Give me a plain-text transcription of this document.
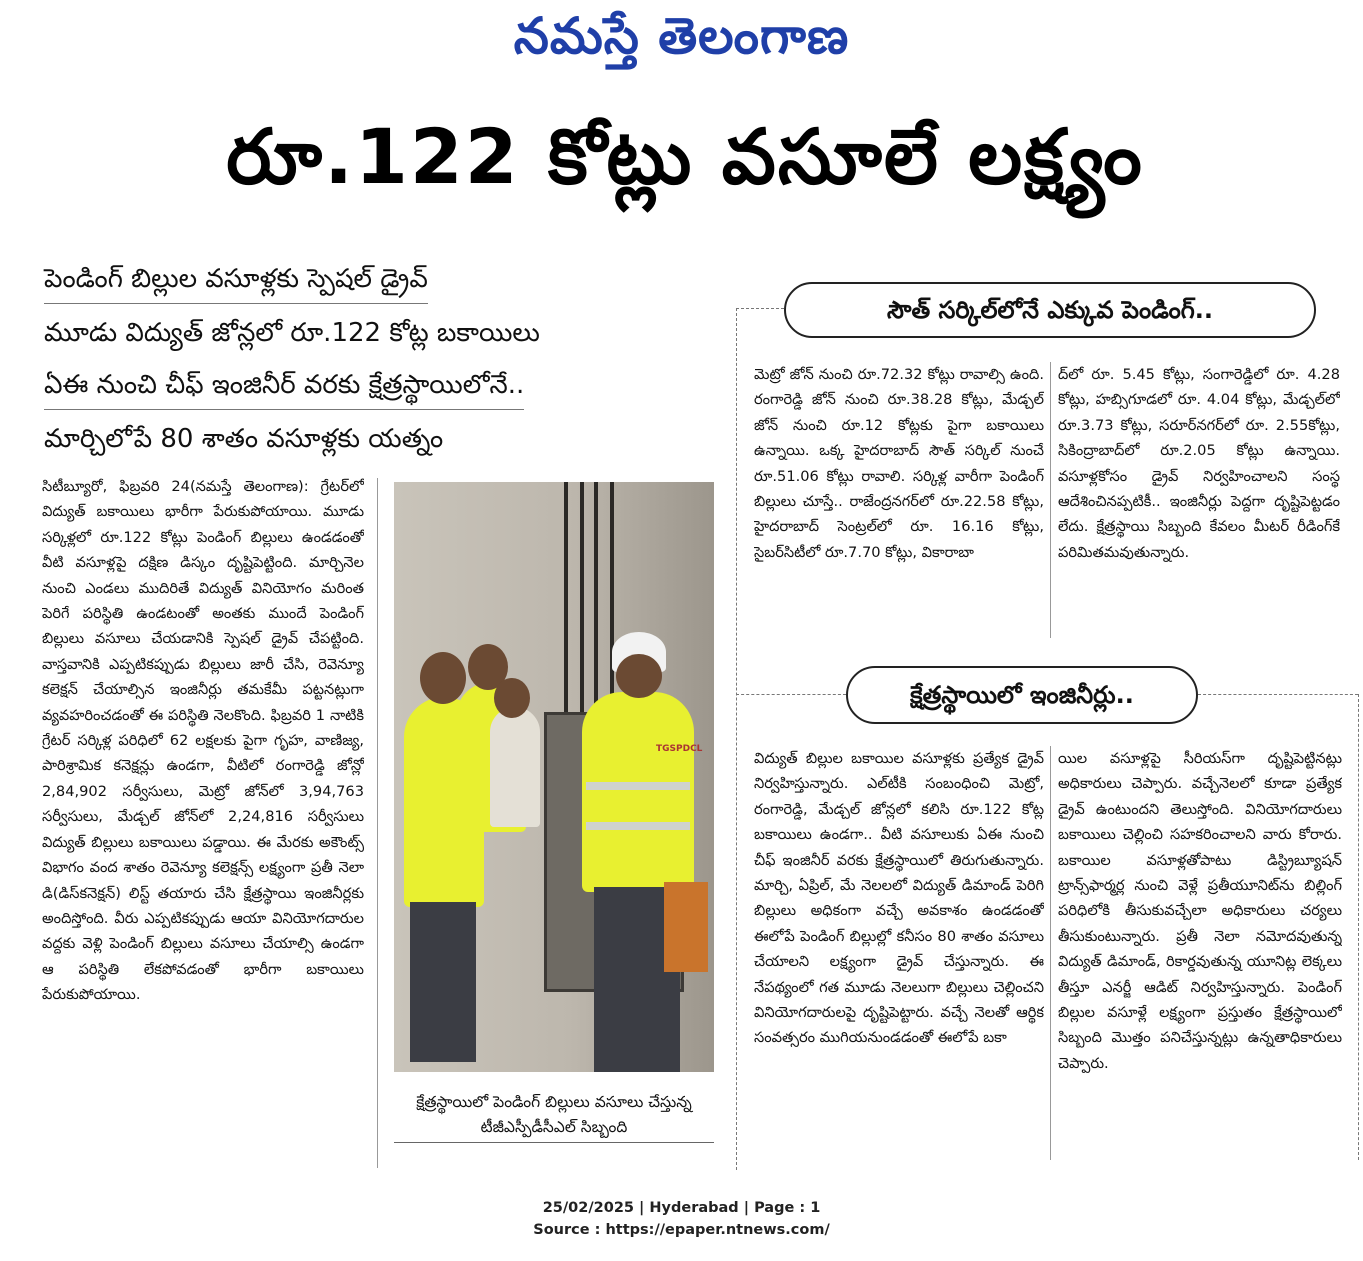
నమస్తే తెలంగాణ
రూ.122 కోట్లు వసూలే లక్ష్యం
పెండింగ్ బిల్లుల వసూళ్లకు స్పెషల్ డ్రైవ్
మూడు విద్యుత్ జోన్లలో రూ.122 కోట్ల బకాయిలు
ఏఈ నుంచి చీఫ్ ఇంజినీర్ వరకు క్షేత్రస్థాయిలోనే..
మార్చిలోపే 80 శాతం వసూళ్లకు యత్నం
సిటీబ్యూరో, ఫిబ్రవరి 24(నమస్తే తెలంగాణ): గ్రేటర్‌లో విద్యుత్ బకాయిలు భారీగా పేరుకుపోయాయి. మూడు సర్కిళ్లలో రూ.122 కోట్లు పెండింగ్ బిల్లులు ఉండడంతో వీటి వసూళ్లపై దక్షిణ డిస్కం దృష్టిపెట్టింది. మార్చినెల నుంచి ఎండలు ముదిరితే విద్యుత్ వినియోగం మరింత పెరిగే పరిస్థితి ఉండటంతో అంతకు ముందే పెండింగ్ బిల్లులు వసూలు చేయడానికి స్పెషల్ డ్రైవ్ చేపట్టింది. వాస్తవానికి ఎప్పటికప్పుడు బిల్లులు జారీ చేసి, రెవెన్యూ కలెక్షన్ చేయాల్సిన ఇంజినీర్లు తమకేమీ పట్టనట్లుగా వ్యవహరించడంతో ఈ పరిస్థితి నెలకొంది. ఫిబ్రవరి 1 నాటికి గ్రేటర్ సర్కిళ్ల పరిధిలో 62 లక్షలకు పైగా గృహ, వాణిజ్య, పారిశ్రామిక కనెక్షన్లు ఉండగా, వీటిలో రంగారెడ్డి జోన్లో 2,84,902 సర్వీసులు, మెట్రో జోన్‌లో 3,94,763 సర్వీసులు, మేడ్చల్ జోన్‌లో 2,24,816 సర్వీసులు విద్యుత్ బిల్లులు బకాయిలు పడ్డాయి. ఈ మేరకు అకౌంట్స్ విభాగం వంద శాతం రెవెన్యూ కలెక్షన్స్ లక్ష్యంగా ప్రతీ నెలా డి(డిస్‌కనెక్షన్) లిస్ట్ తయారు చేసి క్షేత్రస్థాయి ఇంజినీర్లకు అందిస్తోంది. వీరు ఎప్పటికప్పుడు ఆయా వినియోగదారుల వద్దకు వెళ్లి పెండింగ్ బిల్లులు వసూలు చేయాల్సి ఉండగా ఆ పరిస్థితి లేకపోవడంతో భారీగా బకాయిలు పేరుకుపోయాయి.
TGSPDCL
క్షేత్రస్థాయిలో పెండింగ్ బిల్లులు వసూలు చేస్తున్న టీజీఎస్పీడీసీఎల్ సిబ్బంది
సౌత్ సర్కిల్‌లోనే ఎక్కువ పెండింగ్..
మెట్రో జోన్ నుంచి రూ.72.32 కోట్లు రావాల్సి ఉంది. రంగారెడ్డి జోన్ నుంచి రూ.38.28 కోట్లు, మేడ్చల్ జోన్ నుంచి రూ.12 కోట్లకు పైగా బకాయిలు ఉన్నాయి. ఒక్క హైదరాబాద్ సౌత్ సర్కిల్ నుంచే రూ.51.06 కోట్లు రావాలి. సర్కిళ్ల వారీగా పెండింగ్ బిల్లులు చూస్తే.. రాజేంద్రనగర్‌లో రూ.22.58 కోట్లు, హైదరాబాద్ సెంట్రల్‌లో రూ. 16.16 కోట్లు, సైబర్‌సిటీలో రూ.7.70 కోట్లు, వికారాబా
ద్‌లో రూ. 5.45 కోట్లు, సంగారెడ్డిలో రూ. 4.28 కోట్లు, హబ్సిగూడలో రూ. 4.04 కోట్లు, మేడ్చల్‌లో రూ.3.73 కోట్లు, సరూర్‌నగర్‌లో రూ. 2.55కోట్లు, సికింద్రాబాద్‌లో రూ.2.05 కోట్లు ఉన్నాయి. వసూళ్లకోసం డ్రైవ్ నిర్వహించాలని సంస్థ ఆదేశించినప్పటికీ.. ఇంజినీర్లు పెద్దగా దృష్టిపెట్టడం లేదు. క్షేత్రస్థాయి సిబ్బంది కేవలం మీటర్ రీడింగ్‌కే పరిమితమవుతున్నారు.
క్షేత్రస్థాయిలో ఇంజినీర్లు..
విద్యుత్ బిల్లుల బకాయిల వసూళ్లకు ప్రత్యేక డ్రైవ్ నిర్వహిస్తున్నారు. ఎల్‌టీకి సంబంధించి మెట్రో, రంగారెడ్డి, మేడ్చల్ జోన్లలో కలిసి రూ.122 కోట్ల బకాయిలు ఉండగా.. వీటి వసూలుకు ఏఈ నుంచి చీఫ్ ఇంజినీర్ వరకు క్షేత్రస్థాయిలో తిరుగుతున్నారు. మార్చి, ఏప్రిల్, మే నెలలలో విద్యుత్ డిమాండ్ పెరిగి బిల్లులు అధికంగా వచ్చే అవకాశం ఉండడంతో ఈలోపే పెండింగ్ బిల్లుల్లో కనీసం 80 శాతం వసూలు చేయాలని లక్ష్యంగా డ్రైవ్ చేస్తున్నారు. ఈ నేపథ్యంలో గత మూడు నెలలుగా బిల్లులు చెల్లించని వినియోగదారులపై దృష్టిపెట్టారు. వచ్చే నెలతో ఆర్థిక సంవత్సరం ముగియనుండడంతో ఈలోపే బకా
యిల వసూళ్లపై సీరియస్‌గా దృష్టిపెట్టినట్లు అధికారులు చెప్పారు. వచ్చేనెలలో కూడా ప్రత్యేక డ్రైవ్ ఉంటుందని తెలుస్తోంది. వినియోగదారులు బకాయిలు చెల్లించి సహకరించాలని వారు కోరారు. బకాయిల వసూళ్లతోపాటు డిస్ట్రిబ్యూషన్ ట్రాన్స్‌ఫార్మర్ల నుంచి వెళ్లే ప్రతీయూనిట్‌ను బిల్లింగ్ పరిధిలోకి తీసుకువచ్చేలా అధికారులు చర్యలు తీసుకుంటున్నారు. ప్రతీ నెలా నమోదవుతున్న విద్యుత్ డిమాండ్, రికార్డవుతున్న యూనిట్ల లెక్కలు తీస్తూ ఎనర్జీ ఆడిట్ నిర్వహిస్తున్నారు. పెండింగ్ బిల్లుల వసూళ్లే లక్ష్యంగా ప్రస్తుతం క్షేత్రస్థాయిలో సిబ్బంది మొత్తం పనిచేస్తున్నట్లు ఉన్నతాధికారులు చెప్పారు.
25/02/2025 | Hyderabad | Page : 1
Source : https://epaper.ntnews.com/
